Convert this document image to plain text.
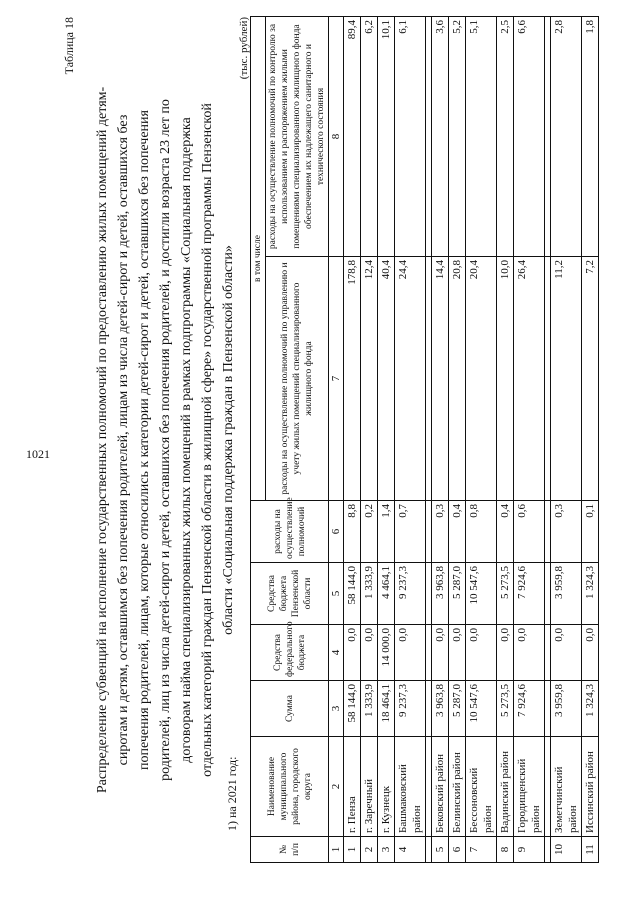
1021
Таблица 18
Распределение субвенций на исполнение государственных полномочий по предоставлению жилых помещений детям- сиротам и детям, оставшимся без попечения родителей, лицам из числа детей-сирот и детей, оставшихся без попечения родителей, лицам, которые относились к категории детей-сирот и детей, оставшихся без попечения родителей, лиц из числа детей-сирот и детей, оставшихся без попечения родителей, и достигли возраста 23 лет по договорам найма специализированных жилых помещений в рамках подпрограммы «Социальная поддержка отдельных категорий граждан Пензенской области в жилищной сфере» государственной программы Пензенской области «Социальная поддержка граждан в Пензенской области»
1) на 2021 год:
(тыс. рублей)
№ п/п	Наименование муниципального района, городского округа	Сумма	Средства федерального бюджета	Средства бюджета Пензенской области	расходы на осуществление полномочий	в том числе	
						расходы на осуществление полномочий по управлению и учету жилых помещений специализированного жилищного фонда	расходы на осуществление полномочий по контролю за использованием и распоряжением жилыми помещениями специализированного жилищного фонда обеспечением их надлежащего санитарного и технического состояния
1	2	3	4	5	6	7	8
1	г. Пенза	58 144,0	0,0	58 144,0	8,8	178,8	89,4
2	г. Заречный	1 333,9	0,0	1 333,9	0,2	12,4	6,2
3	г. Кузнецк	18 464,1	14 000,0	4 464,1	1,4	40,4	10,1
4	Башмаковский район	9 237,3	0,0	9 237,3	0,7	24,4	6,1

5	Бековский район	3 963,8	0,0	3 963,8	0,3	14,4	3,6
6	Белинский район	5 287,0	0,0	5 287,0	0,4	20,8	5,2
7	Бессоновский район	10 547,6	0,0	10 547,6	0,8	20,4	5,1
8	Вадинский район	5 273,5	0,0	5 273,5	0,4	10,0	2,5
9	Городищенский район	7 924,6	0,0	7 924,6	0,6	26,4	6,6

10	Земетчинский район	3 959,8	0,0	3 959,8	0,3	11,2	2,8
11	Иссинский район	1 324,3	0,0	1 324,3	0,1	7,2	1,8
